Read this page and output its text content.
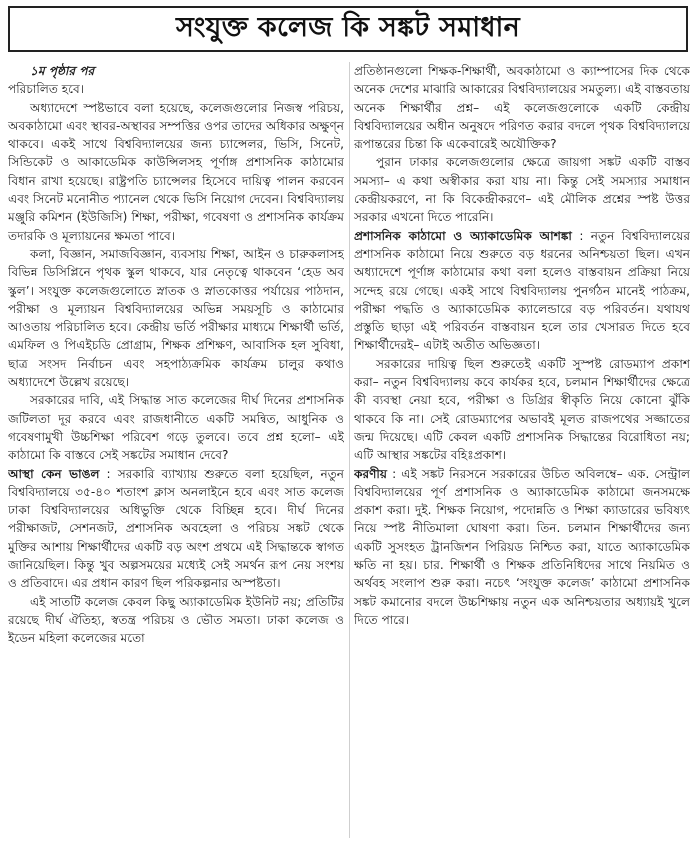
সংযুক্ত কলেজ কি সঙ্কট সমাধান

১ম পৃষ্ঠার পর

পরিচালিত হবে।

অধ্যাদেশে স্পষ্টভাবে বলা হয়েছে, কলেজগুলোর নিজস্ব পরিচয়, অবকাঠামো এবং স্থাবর-অস্থাবর সম্পত্তির ওপর তাদের অধিকার অক্ষুণ্ন থাকবে। একই সাথে বিশ্ববিদ্যালয়ের জন্য চ্যান্সেলর, ভিসি, সিনেট, সিন্ডিকেট ও আকাডেমিক কাউন্সিলসহ পূর্ণাঙ্গ প্রশাসনিক কাঠামোর বিধান রাখা হয়েছে। রাষ্ট্রপতি চ্যান্সেলর হিসেবে দায়িত্ব পালন করবেন এবং সিনেট মনোনীত প্যানেল থেকে ভিসি নিয়োগ দেবেন। বিশ্ববিদ্যালয় মঞ্জুরি কমিশন (ইউজিসি) শিক্ষা, পরীক্ষা, গবেষণা ও প্রশাসনিক কার্যক্রম তদারকি ও মূল্যায়নের ক্ষমতা পাবে।

কলা, বিজ্ঞান, সমাজবিজ্ঞান, ব্যবসায় শিক্ষা, আইন ও চারুকলাসহ বিভিন্ন ডিসিপ্লিনে পৃথক স্কুল থাকবে, যার নেতৃত্বে থাকবেন ‘হেড অব স্কুল’। সংযুক্ত কলেজগুলোতে স্নাতক ও স্নাতকোত্তর পর্যায়ের পাঠদান, পরীক্ষা ও মূল্যায়ন বিশ্ববিদ্যালয়ের অভিন্ন সময়সূচি ও কাঠামোর আওতায় পরিচালিত হবে। কেন্দ্রীয় ভর্তি পরীক্ষার মাধ্যমে শিক্ষার্থী ভর্তি, এমফিল ও পিএইচডি প্রোগ্রাম, শিক্ষক প্রশিক্ষণ, আবাসিক হল সুবিধা, ছাত্র সংসদ নির্বাচন এবং সহপাঠ্যক্রমিক কার্যক্রম চালুর কথাও অধ্যাদেশে উল্লেখ রয়েছে।

সরকারের দাবি, এই সিদ্ধান্ত সাত কলেজের দীর্ঘ দিনের প্রশাসনিক জটিলতা দূর করবে এবং রাজধানীতে একটি সমন্বিত, আধুনিক ও গবেষণামুখী উচ্চশিক্ষা পরিবেশ গড়ে তুলবে। তবে প্রশ্ন হলো– এই কাঠামো কি বাস্তবে সেই সঙ্কটের সমাধান দেবে?

আস্থা কেন ভাঙল : সরকারি ব্যাখ্যায় শুরুতে বলা হয়েছিল, নতুন বিশ্ববিদ্যালয়ে ৩৫-৪০ শতাংশ ক্লাস অনলাইনে হবে এবং সাত কলেজ ঢাকা বিশ্ববিদ্যালয়ের অধিভুক্তি থেকে বিচ্ছিন্ন হবে। দীর্ঘ দিনের পরীক্ষাজট, সেশনজট, প্রশাসনিক অবহেলা ও পরিচয় সঙ্কট থেকে মুক্তির আশায় শিক্ষার্থীদের একটি বড় অংশ প্রথমে এই সিদ্ধান্তকে স্বাগত জানিয়েছিল। কিন্তু খুব অল্পসময়ের মধ্যেই সেই সমর্থন রূপ নেয় সংশয় ও প্রতিবাদে। এর প্রধান কারণ ছিল পরিকল্পনার অস্পষ্টতা।

এই সাতটি কলেজ কেবল কিছু অ্যাকাডেমিক ইউনিট নয়; প্রতিটির রয়েছে দীর্ঘ ঐতিহ্য, স্বতন্ত্র পরিচয় ও ভৌত সমতা। ঢাকা কলেজ ও ইডেন মহিলা কলেজের মতো

প্রতিষ্ঠানগুলো শিক্ষক-শিক্ষার্থী, অবকাঠামো ও ক্যাম্পাসের দিক থেকে অনেক দেশের মাঝারি আকারের বিশ্ববিদ্যালয়ের সমতুল্য। এই বাস্তবতায় অনেক শিক্ষার্থীর প্রশ্ন– এই কলেজগুলোকে একটি কেন্দ্রীয় বিশ্ববিদ্যালয়ের অধীন অনুষদে পরিণত করার বদলে পৃথক বিশ্ববিদ্যালয়ে রূপান্তরের চিন্তা কি একেবারেই অযৌক্তিক?

পুরান ঢাকার কলেজগুলোর ক্ষেত্রে জায়গা সঙ্কট একটি বাস্তব সমস্যা– এ কথা অস্বীকার করা যায় না। কিন্তু সেই সমস্যার সমাধান কেন্দ্রীয়করণে, না কি বিকেন্দ্রীকরণে– এই মৌলিক প্রশ্নের স্পষ্ট উত্তর সরকার এখনো দিতে পারেনি।

প্রশাসনিক কাঠামো ও অ্যাকাডেমিক আশঙ্কা : নতুন বিশ্ববিদ্যালয়ের প্রশাসনিক কাঠামো নিয়ে শুরুতে বড় ধরনের অনিশ্চয়তা ছিল। এখন অধ্যাদেশে পূর্ণাঙ্গ কাঠামোর কথা বলা হলেও বাস্তবায়ন প্রক্রিয়া নিয়ে সন্দেহ রয়ে গেছে। একই সাথে বিশ্ববিদ্যালয় পুনর্গঠন মানেই পাঠক্রম, পরীক্ষা পদ্ধতি ও অ্যাকাডেমিক ক্যালেন্ডারে বড় পরিবর্তন। যথাযথ প্রস্তুতি ছাড়া এই পরিবর্তন বাস্তবায়ন হলে তার খেসারত দিতে হবে শিক্ষার্থীদেরই– এটাই অতীত অভিজ্ঞতা।

সরকারের দায়িত্ব ছিল শুরুতেই একটি সুস্পষ্ট রোডম্যাপ প্রকাশ করা– নতুন বিশ্ববিদ্যালয় কবে কার্যকর হবে, চলমান শিক্ষার্থীদের ক্ষেত্রে কী ব্যবস্থা নেয়া হবে, পরীক্ষা ও ডিগ্রির স্বীকৃতি নিয়ে কোনো ঝুঁকি থাকবে কি না। সেই রোডম্যাপের অভাবই মূলত রাজপথের সজ্জাতের জন্ম দিয়েছে। এটি কেবল একটি প্রশাসনিক সিদ্ধান্তের বিরোধিতা নয়; এটি আস্থার সঙ্কটের বহিঃপ্রকাশ।

করণীয় : এই সঙ্কট নিরসনে সরকারের উচিত অবিলম্বে– এক. সেন্ট্রাল বিশ্ববিদ্যালয়ের পূর্ণ প্রশাসনিক ও অ্যাকাডেমিক কাঠামো জনসমক্ষে প্রকাশ করা। দুই. শিক্ষক নিয়োগ, পদোন্নতি ও শিক্ষা ক্যাডারের ভবিষ্যৎ নিয়ে স্পষ্ট নীতিমালা ঘোষণা করা। তিন. চলমান শিক্ষার্থীদের জন্য একটি সুসংহত ট্রানজিশন পিরিয়ড নিশ্চিত করা, যাতে অ্যাকাডেমিক ক্ষতি না হয়। চার. শিক্ষার্থী ও শিক্ষক প্রতিনিধিদের সাথে নিয়মিত ও অর্থবহ সংলাপ শুরু করা। নচেৎ ‘সংযুক্ত কলেজ’ কাঠামো প্রশাসনিক সঙ্কট কমানোর বদলে উচ্চশিক্ষায় নতুন এক অনিশ্চয়তার অধ্যায়ই খুলে দিতে পারে।
